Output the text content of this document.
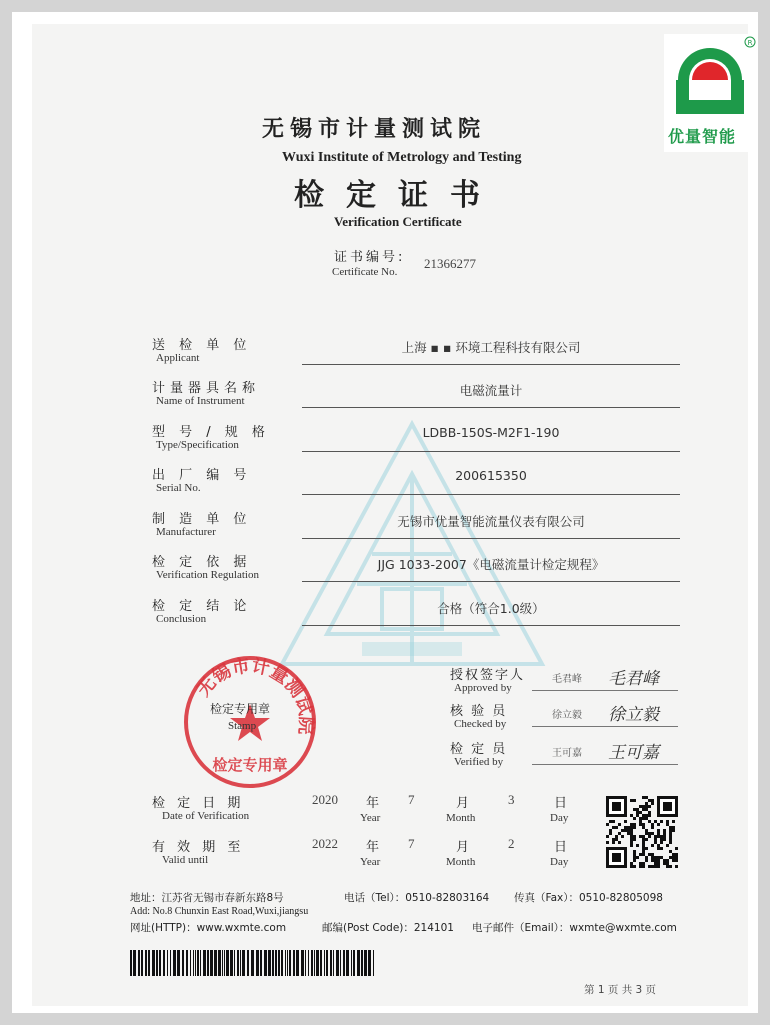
无锡市计量测试院
Wuxi Institute of Metrology and Testing
检定证书
Verification Certificate
证书编号:
Certificate No.
21366277
送 检 单 位
Applicant
上海 ▪ ▪ 环境工程科技有限公司
计量器具名称
Name of Instrument
电磁流量计
型 号 / 规 格
Type/Specification
LDBB-150S-M2F1-190
出 厂 编 号
Serial No.
200615350
制 造 单 位
Manufacturer
无锡市优量智能流量仪表有限公司
检 定 依 据
Verification Regulation
JJG 1033-2007《电磁流量计检定规程》
检 定 结 论
Conclusion
合格（符合1.0级）
无锡市计量测试院
检定专用章
检定专用章
Stamp
授权签字人
Approved by
毛君峰 毛君峰
核 验 员
Checked by
徐立毅 徐立毅
检 定 员
Verified by
王可嘉 王可嘉
检 定 日 期
Date of Verification
2020 年
Year
7	月
Month
3	日
Day
有 效 期 至
Valid until
2022 年
Year
7	月
Month
2	日
Day
地址：江苏省无锡市春新东路8号	电话（Tel）：0510-82803164 传真（Fax）：0510-82805098
Add: No.8 Chunxin East Road,Wuxi,jiangsu
网址(HTTP)：www.wxmte.com	邮编(Post Code)：214101 电子邮件（Email）：wxmte@wxmte.com
第 1 页 共 3 页
R
优量智能
